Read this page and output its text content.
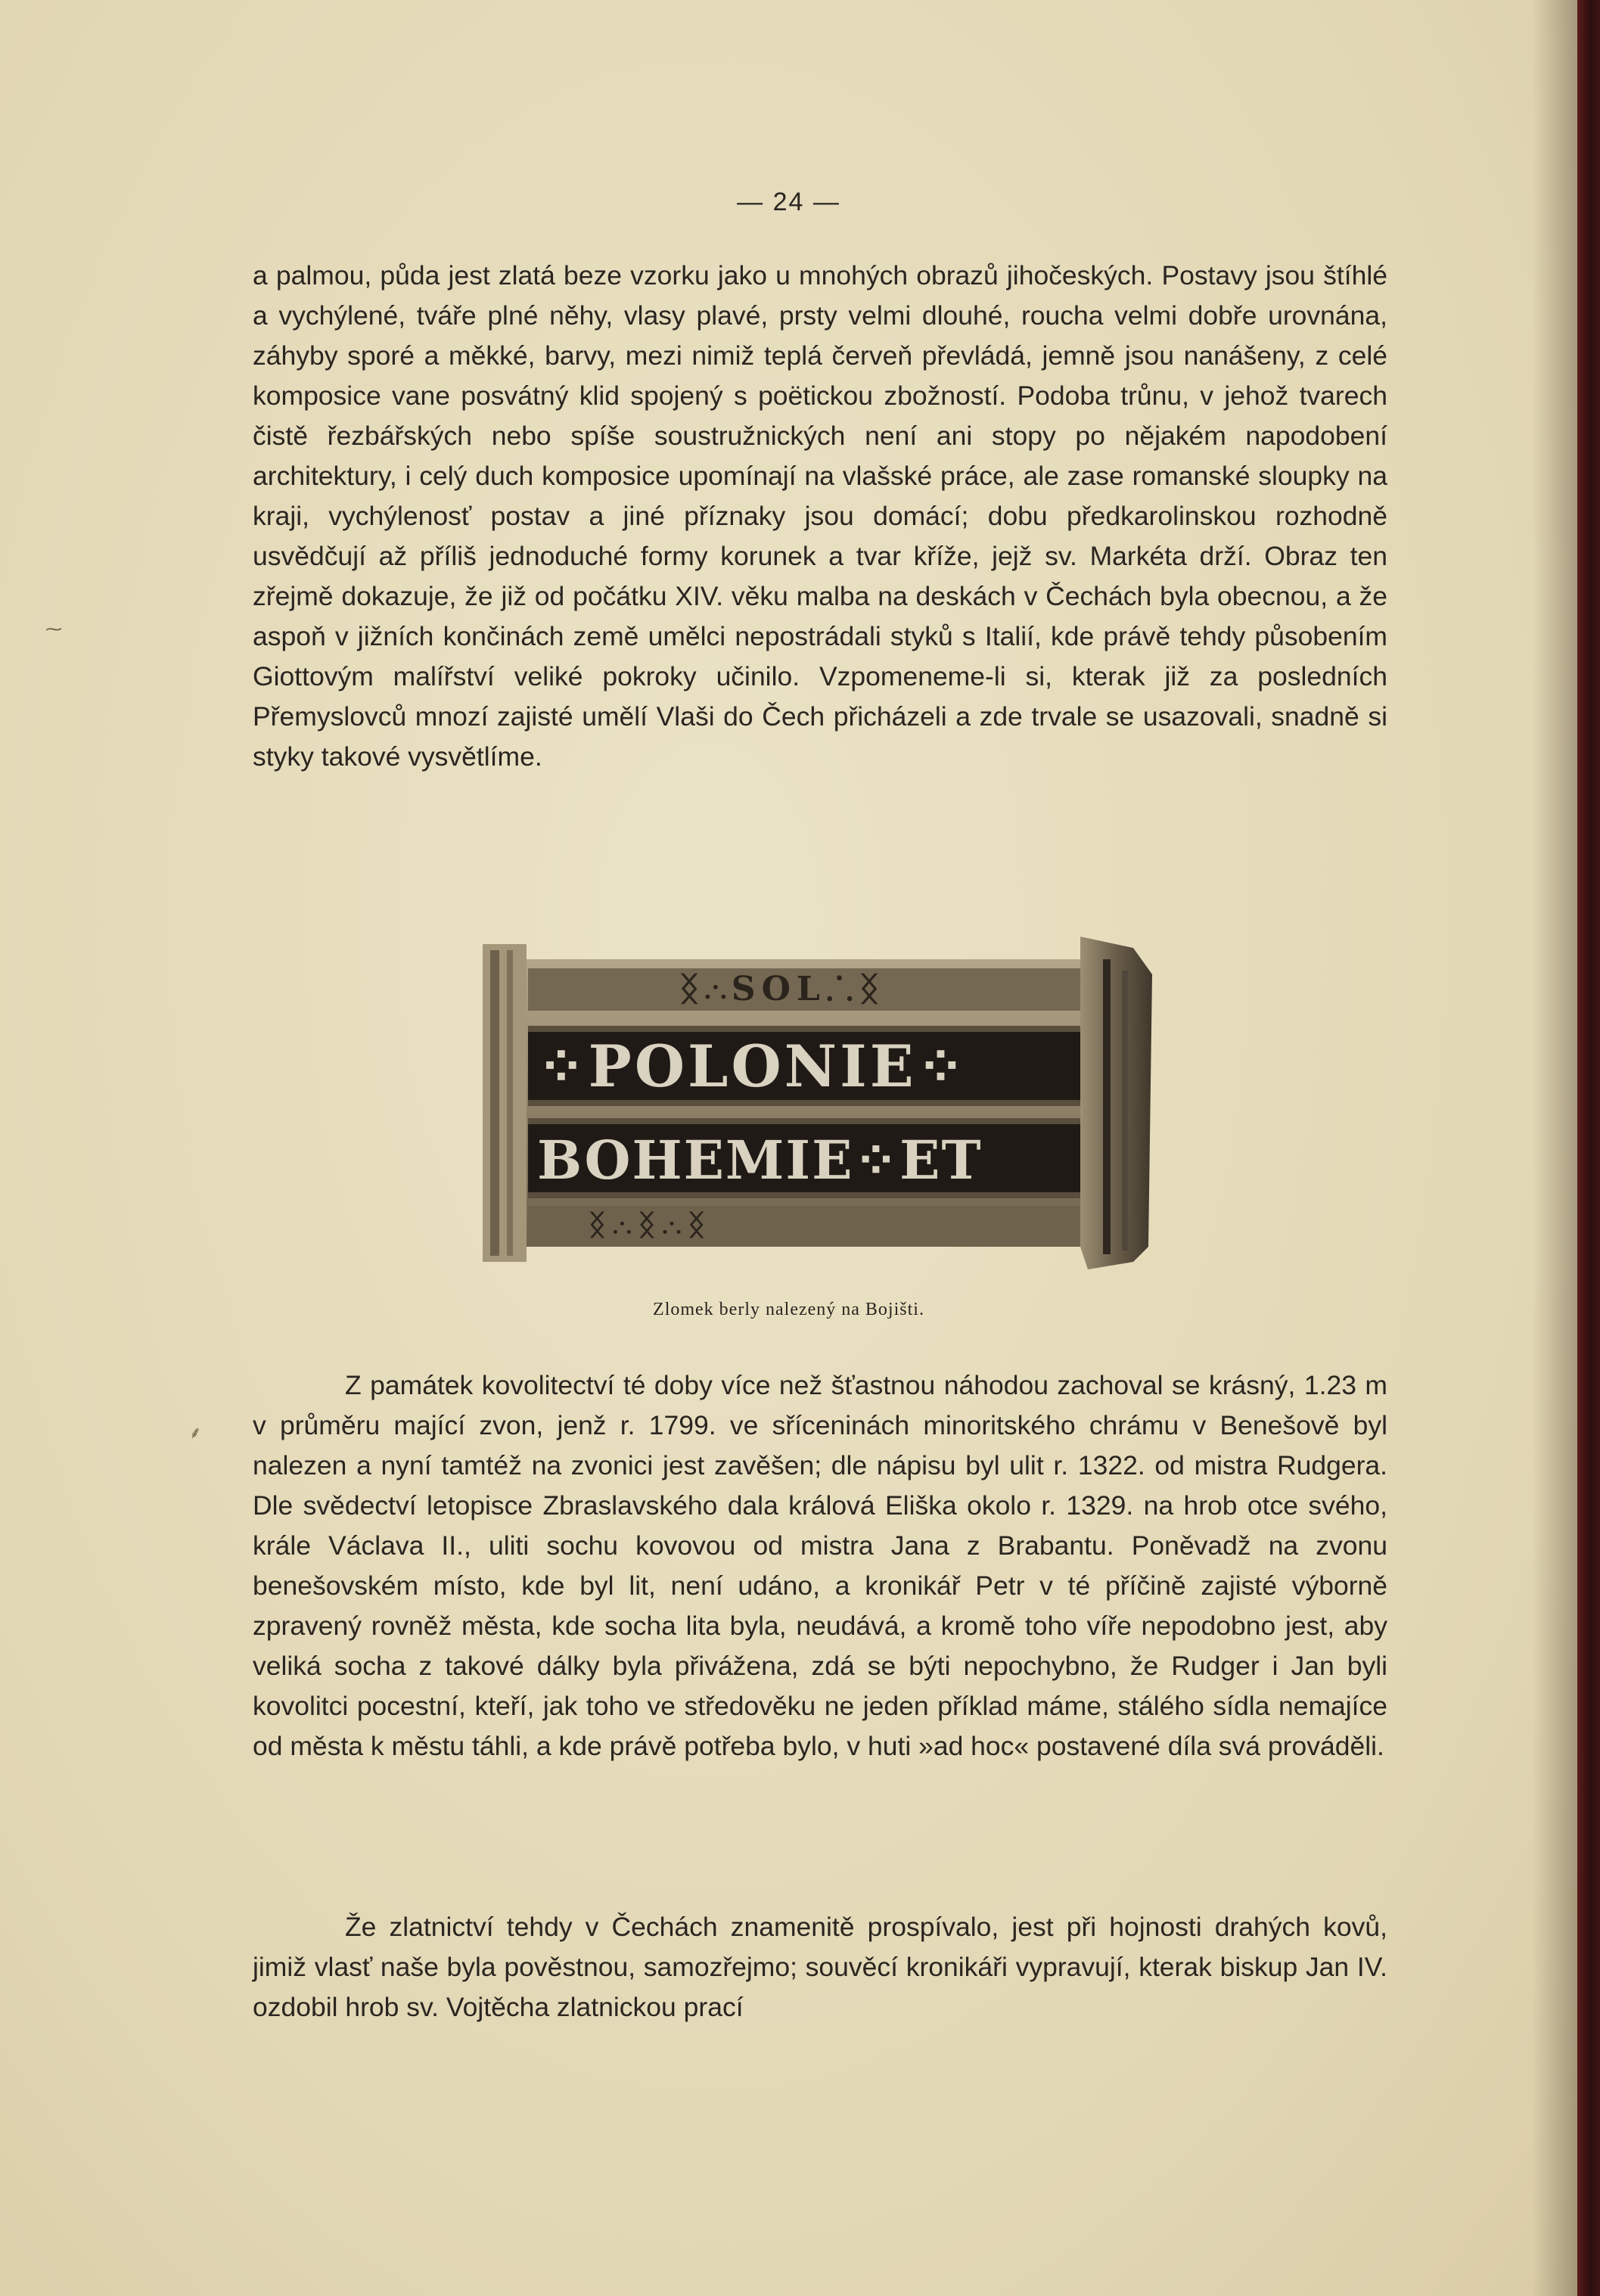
— 24 —

a palmou, půda jest zlatá beze vzorku jako u mnohých obrazů jihočeských. Postavy jsou štíhlé a vychýlené, tváře plné něhy, vlasy plavé, prsty velmi dlouhé, roucha velmi dobře urovnána, záhyby sporé a měkké, barvy, mezi nimiž teplá červeň převládá, jemně jsou nanášeny, z celé komposice vane posvátný klid spojený s poëtickou zbožností. Podoba trůnu, v jehož tvarech čistě řezbářských nebo spíše soustružnických není ani stopy po nějakém napodobení architektury, i celý duch komposice upomínají na vlašské práce, ale zase romanské sloupky na kraji, vychýlenosť postav a jiné příznaky jsou domácí; dobu předkarolinskou rozhodně usvědčují až příliš jednoduché formy korunek a tvar kříže, jejž sv. Markéta drží. Obraz ten zřejmě dokazuje, že již od počátku XIV. věku malba na deskách v Čechách byla obecnou, a že aspoň v jižních končinách země umělci nepostrádali styků s Italií, kde právě tehdy působením Giottovým malířství veliké pokroky učinilo. Vzpomeneme-li si, kterak již za posledních Přemyslovců mnozí zajisté umělí Vlaši do Čech přicházeli a zde trvale se usazovali, snadně si styky takové vysvětlíme.

ᛝ⸫SOL⸫ᛝ
⁘POLONIE⁘
BOHEMIE⁘ET
ᛝ⸫ᛝ⸫ᛝ
Zlomek berly nalezený na Bojišti.

Z památek kovolitectví té doby více než šťastnou náhodou zachoval se krásný, 1.23 m v průměru mající zvon, jenž r. 1799. ve sříceninách minoritského chrámu v Benešově byl nalezen a nyní tamtéž na zvonici jest zavěšen; dle nápisu byl ulit r. 1322. od mistra Rudgera. Dle svědectví letopisce Zbraslavského dala králová Eliška okolo r. 1329. na hrob otce svého, krále Václava II., uliti sochu kovovou od mistra Jana z Brabantu. Poněvadž na zvonu benešovském místo, kde byl lit, není udáno, a kronikář Petr v té příčině zajisté výborně zpravený rovněž města, kde socha lita byla, neudává, a kromě toho víře nepodobno jest, aby veliká socha z takové dálky byla přivážena, zdá se býti nepochybno, že Rudger i Jan byli kovolitci pocestní, kteří, jak toho ve středověku ne jeden příklad máme, stálého sídla nemajíce od města k městu táhli, a kde právě potřeba bylo, v huti »ad hoc« postavené díla svá prováděli.

Že zlatnictví tehdy v Čechách znamenitě prospívalo, jest při hojnosti drahých kovů, jimiž vlasť naše byla pověstnou, samozřejmo; souvěcí kronikáři vypravují, kterak biskup Jan IV. ozdobil hrob sv. Vojtěcha zlatnickou prací

⁓
⸙
